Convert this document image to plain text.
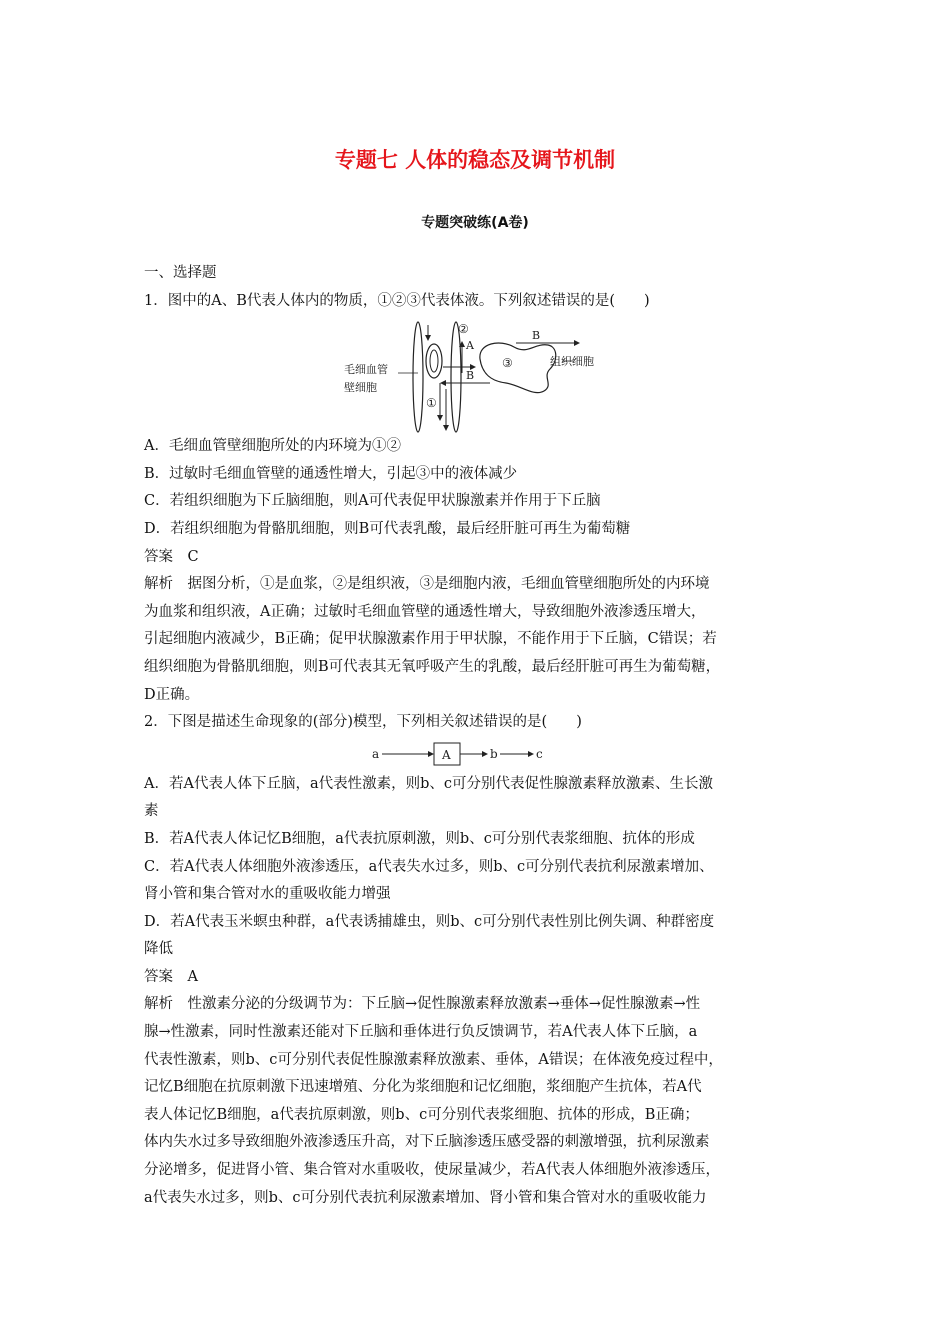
专题七 人体的稳态及调节机制
专题突破练(A卷)
一、选择题
1．图中的A、B代表人体内的物质，①②③代表体液。下列叙述错误的是(　　)
②
A
B
③
B
①
毛细血管
壁细胞
组织细胞
A．毛细血管壁细胞所处的内环境为①②
B．过敏时毛细血管壁的通透性增大，引起③中的液体减少
C．若组织细胞为下丘脑细胞，则A可代表促甲状腺激素并作用于下丘脑
D．若组织细胞为骨骼肌细胞，则B可代表乳酸，最后经肝脏可再生为葡萄糖
答案　C
解析　据图分析，①是血浆，②是组织液，③是细胞内液，毛细血管壁细胞所处的内环境
为血浆和组织液，A正确；过敏时毛细血管壁的通透性增大，导致细胞外液渗透压增大，
引起细胞内液减少，B正确；促甲状腺激素作用于甲状腺，不能作用于下丘脑，C错误；若
组织细胞为骨骼肌细胞，则B可代表其无氧呼吸产生的乳酸，最后经肝脏可再生为葡萄糖，
D正确。
2．下图是描述生命现象的(部分)模型，下列相关叙述错误的是(　　)
a	A	b	c
A．若A代表人体下丘脑，a代表性激素，则b、c可分别代表促性腺激素释放激素、生长激
素
B．若A代表人体记忆B细胞，a代表抗原刺激，则b、c可分别代表浆细胞、抗体的形成
C．若A代表人体细胞外液渗透压，a代表失水过多，则b、c可分别代表抗利尿激素增加、
肾小管和集合管对水的重吸收能力增强
D．若A代表玉米螟虫种群，a代表诱捕雄虫，则b、c可分别代表性别比例失调、种群密度
降低
答案　A
解析　性激素分泌的分级调节为：下丘脑→促性腺激素释放激素→垂体→促性腺激素→性
腺→性激素，同时性激素还能对下丘脑和垂体进行负反馈调节，若A代表人体下丘脑，a
代表性激素，则b、c可分别代表促性腺激素释放激素、垂体，A错误；在体液免疫过程中，
记忆B细胞在抗原刺激下迅速增殖、分化为浆细胞和记忆细胞，浆细胞产生抗体，若A代
表人体记忆B细胞，a代表抗原刺激，则b、c可分别代表浆细胞、抗体的形成，B正确；
体内失水过多导致细胞外液渗透压升高，对下丘脑渗透压感受器的刺激增强，抗利尿激素
分泌增多，促进肾小管、集合管对水重吸收，使尿量减少，若A代表人体细胞外液渗透压，
a代表失水过多，则b、c可分别代表抗利尿激素增加、肾小管和集合管对水的重吸收能力
